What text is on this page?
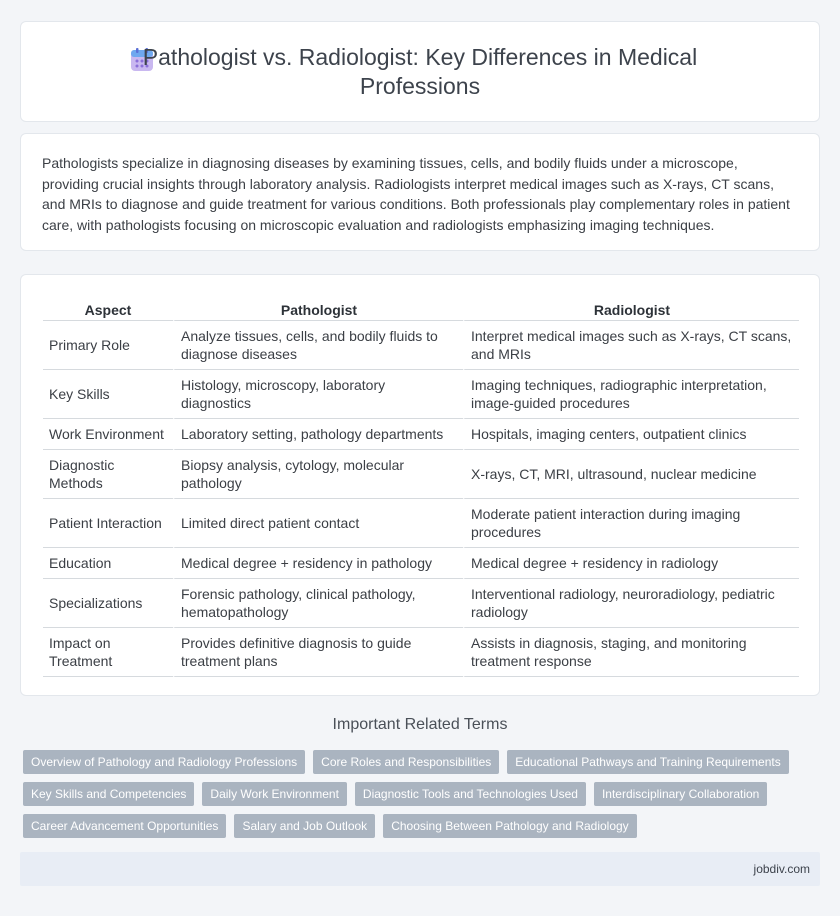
Pathologist vs. Radiologist: Key Differences in Medical Professions

Pathologists specialize in diagnosing diseases by examining tissues, cells, and bodily fluids under a microscope, providing crucial insights through laboratory analysis. Radiologists interpret medical images such as X-rays, CT scans, and MRIs to diagnose and guide treatment for various conditions. Both professionals play complementary roles in patient care, with pathologists focusing on microscopic evaluation and radiologists emphasizing imaging techniques.

Aspect	Pathologist	Radiologist
Primary Role	Analyze tissues, cells, and bodily fluids to diagnose diseases	Interpret medical images such as X-rays, CT scans, and MRIs
Key Skills	Histology, microscopy, laboratory diagnostics	Imaging techniques, radiographic interpretation, image-guided procedures
Work Environment	Laboratory setting, pathology departments	Hospitals, imaging centers, outpatient clinics
Diagnostic Methods	Biopsy analysis, cytology, molecular pathology	X-rays, CT, MRI, ultrasound, nuclear medicine
Patient Interaction	Limited direct patient contact	Moderate patient interaction during imaging procedures
Education	Medical degree + residency in pathology	Medical degree + residency in radiology
Specializations	Forensic pathology, clinical pathology, hematopathology	Interventional radiology, neuroradiology, pediatric radiology
Impact on Treatment	Provides definitive diagnosis to guide treatment plans	Assists in diagnosis, staging, and monitoring treatment response
Important Related Terms
Overview of Pathology and Radiology Professions	Core Roles and Responsibilities	Educational Pathways and Training Requirements
Key Skills and Competencies	Daily Work Environment	Diagnostic Tools and Technologies Used	Interdisciplinary Collaboration
Career Advancement Opportunities	Salary and Job Outlook	Choosing Between Pathology and Radiology
jobdiv.com
